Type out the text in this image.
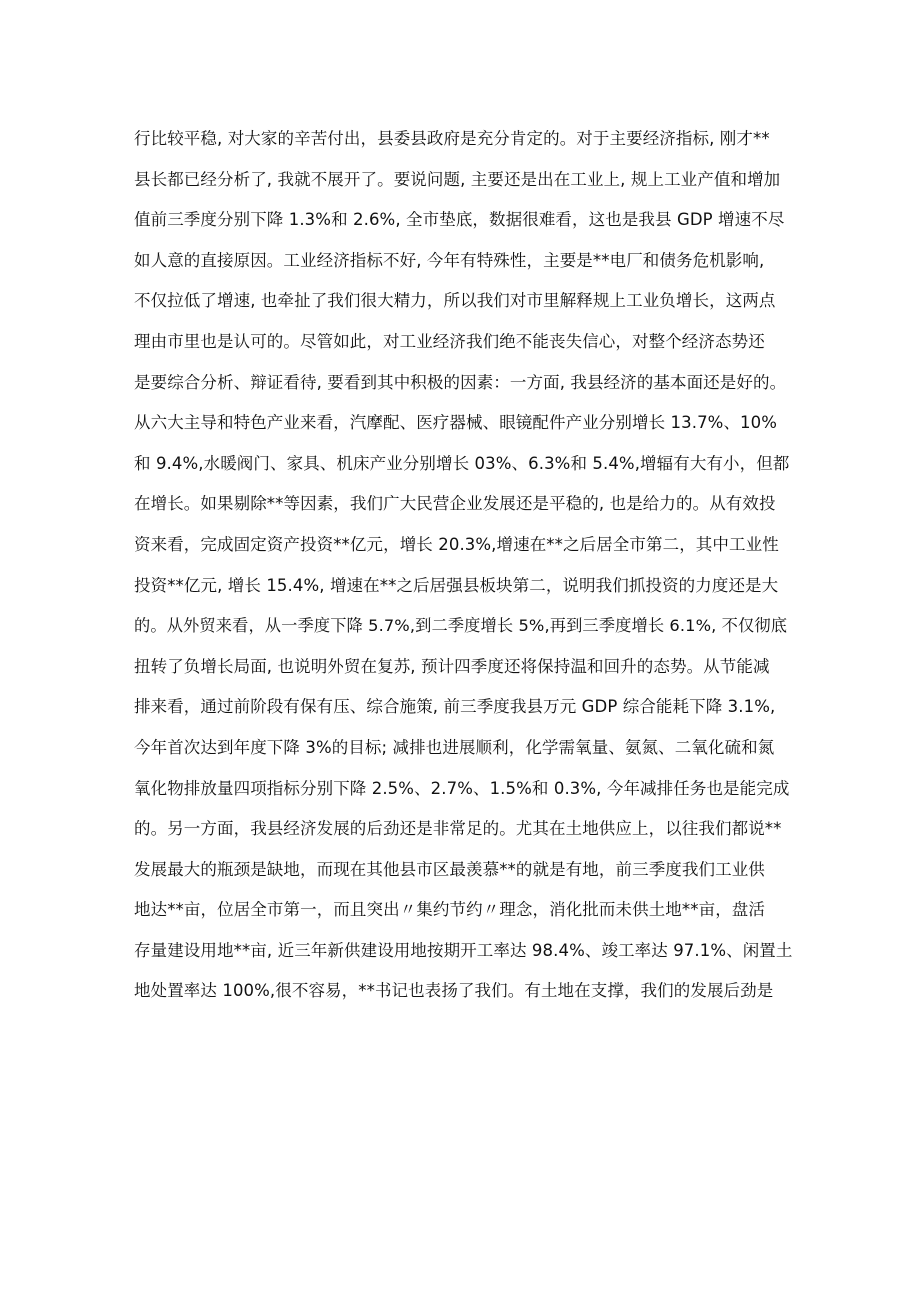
行比较平稳, 对大家的辛苦付出，县委县政府是充分肯定的。对于主要经济指标, 刚才**
县长都已经分析了, 我就不展开了。要说问题, 主要还是出在工业上, 规上工业产值和增加
值前三季度分别下降 1.3%和 2.6%, 全市垫底，数据很难看，这也是我县 GDP 增速不尽
如人意的直接原因。工业经济指标不好, 今年有特殊性，主要是**电厂和债务危机影响,
不仅拉低了增速, 也牵扯了我们很大精力，所以我们对市里解释规上工业负增长，这两点
理由市里也是认可的。尽管如此，对工业经济我们绝不能丧失信心，对整个经济态势还
是要综合分析、辩证看待, 要看到其中积极的因素：一方面, 我县经济的基本面还是好的。
从六大主导和特色产业来看，汽摩配、医疗器械、眼镜配件产业分别增长 13.7%、10%
和 9.4%,水暖阀门、家具、机床产业分别增长 03%、6.3%和 5.4%,增辐有大有小，但都
在增长。如果剔除**等因素，我们广大民营企业发展还是平稳的, 也是给力的。从有效投
资来看，完成固定资产投资**亿元，增长 20.3%,增速在**之后居全市第二，其中工业性
投资**亿元, 增长 15.4%, 增速在**之后居强县板块第二，说明我们抓投资的力度还是大
的。从外贸来看，从一季度下降 5.7%,到二季度增长 5%,再到三季度增长 6.1%, 不仅彻底
扭转了负增长局面, 也说明外贸在复苏, 预计四季度还将保持温和回升的态势。从节能减
排来看，通过前阶段有保有压、综合施策, 前三季度我县万元 GDP 综合能耗下降 3.1%,
今年首次达到年度下降 3%的目标; 减排也进展顺利，化学需氧量、氨氮、二氧化硫和氮
氧化物排放量四项指标分别下降 2.5%、2.7%、1.5%和 0.3%, 今年减排任务也是能完成
的。另一方面，我县经济发展的后劲还是非常足的。尤其在土地供应上，以往我们都说**
发展最大的瓶颈是缺地，而现在其他县市区最羡慕**的就是有地，前三季度我们工业供
地达**亩，位居全市第一，而且突出〃集约节约〃理念，消化批而未供土地**亩，盘活
存量建设用地**亩, 近三年新供建设用地按期开工率达 98.4%、竣工率达 97.1%、闲置土
地处置率达 100%,很不容易，**书记也表扬了我们。有土地在支撑，我们的发展后劲是
